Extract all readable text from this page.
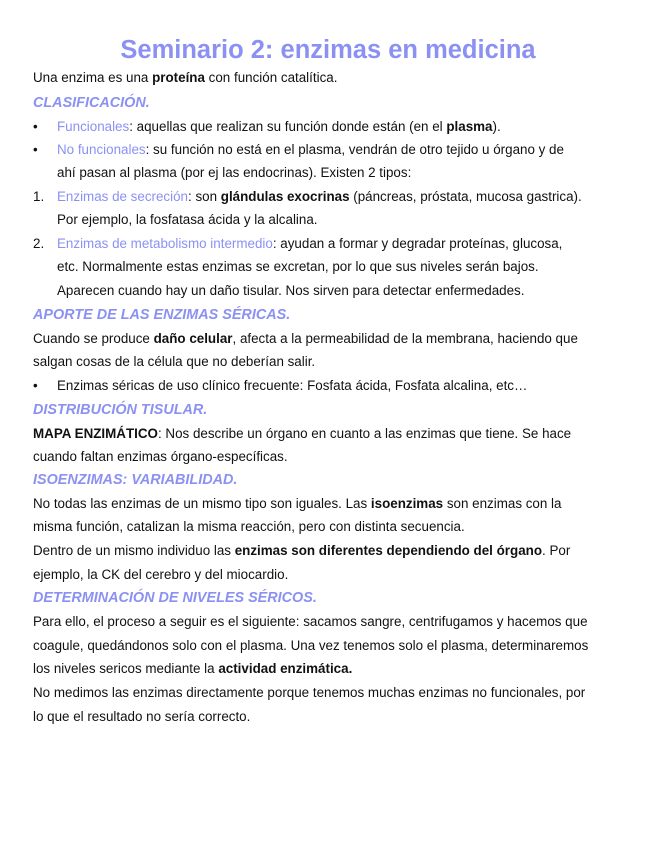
Seminario 2: enzimas en medicina
Una enzima es una proteína con función catalítica.
CLASIFICACIÓN.
• Funcionales: aquellas que realizan su función donde están (en el plasma).
• No funcionales: su función no está en el plasma, vendrán de otro tejido u órgano y de
ahí pasan al plasma (por ej las endocrinas). Existen 2 tipos:
1. Enzimas de secreción: son glándulas exocrinas (páncreas, próstata, mucosa gastrica).
Por ejemplo, la fosfatasa ácida y la alcalina.
2. Enzimas de metabolismo intermedio: ayudan a formar y degradar proteínas, glucosa,
etc. Normalmente estas enzimas se excretan, por lo que sus niveles serán bajos.
Aparecen cuando hay un daño tisular. Nos sirven para detectar enfermedades.
APORTE DE LAS ENZIMAS SÉRICAS.
Cuando se produce daño celular, afecta a la permeabilidad de la membrana, haciendo que
salgan cosas de la célula que no deberían salir.
• Enzimas séricas de uso clínico frecuente: Fosfata ácida, Fosfata alcalina, etc…
DISTRIBUCIÓN TISULAR.
MAPA ENZIMÁTICO: Nos describe un órgano en cuanto a las enzimas que tiene. Se hace
cuando faltan enzimas órgano-específicas.
ISOENZIMAS: VARIABILIDAD.
No todas las enzimas de un mismo tipo son iguales. Las isoenzimas son enzimas con la
misma función, catalizan la misma reacción, pero con distinta secuencia.
Dentro de un mismo individuo las enzimas son diferentes dependiendo del órgano. Por
ejemplo, la CK del cerebro y del miocardio.
DETERMINACIÓN DE NIVELES SÉRICOS.
Para ello, el proceso a seguir es el siguiente: sacamos sangre, centrifugamos y hacemos que
coagule, quedándonos solo con el plasma. Una vez tenemos solo el plasma, determinaremos
los niveles sericos mediante la actividad enzimática.
No medimos las enzimas directamente porque tenemos muchas enzimas no funcionales, por
lo que el resultado no sería correcto.
